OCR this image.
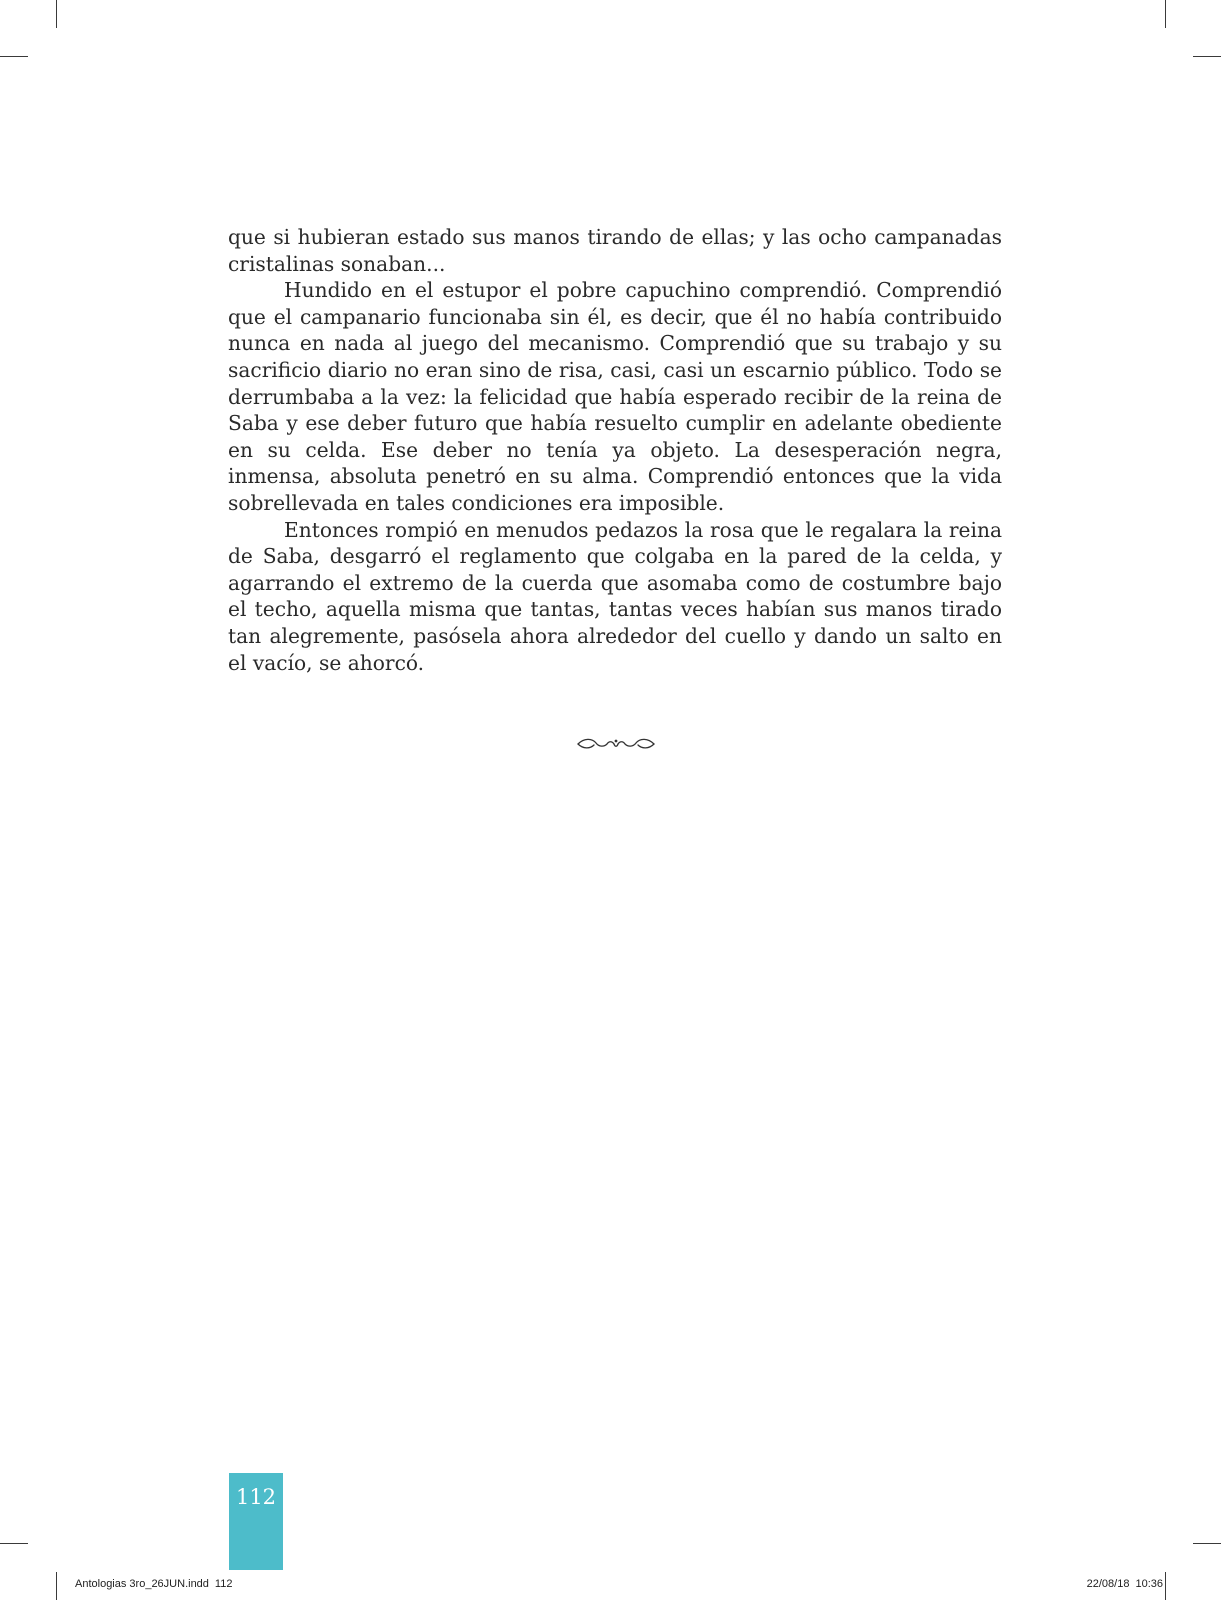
que si hubieran estado sus manos tirando de ellas; y las ocho campanadas cristalinas sonaban...

Hundido en el estupor el pobre capuchino comprendió. Comprendió que el campanario funcionaba sin él, es decir, que él no había contribuido nunca en nada al juego del mecanismo. Comprendió que su trabajo y su sacrificio diario no eran sino de risa, casi, casi un escarnio público. Todo se derrumbaba a la vez: la felicidad que había esperado recibir de la reina de Saba y ese deber futuro que había resuelto cumplir en adelante obediente en su celda. Ese deber no tenía ya objeto. La desesperación negra, inmensa, absoluta penetró en su alma. Comprendió entonces que la vida sobrellevada en tales condiciones era imposible.

Entonces rompió en menudos pedazos la rosa que le regalara la reina de Saba, desgarró el reglamento que colgaba en la pared de la celda, y agarrando el extremo de la cuerda que asomaba como de costumbre bajo el techo, aquella misma que tantas, tantas veces habían sus manos tirado tan alegremente, pasósela ahora alrededor del cuello y dando un salto en el vacío, se ahorcó.

112
Antologias 3ro_26JUN.indd 112	22/08/18 10:36
